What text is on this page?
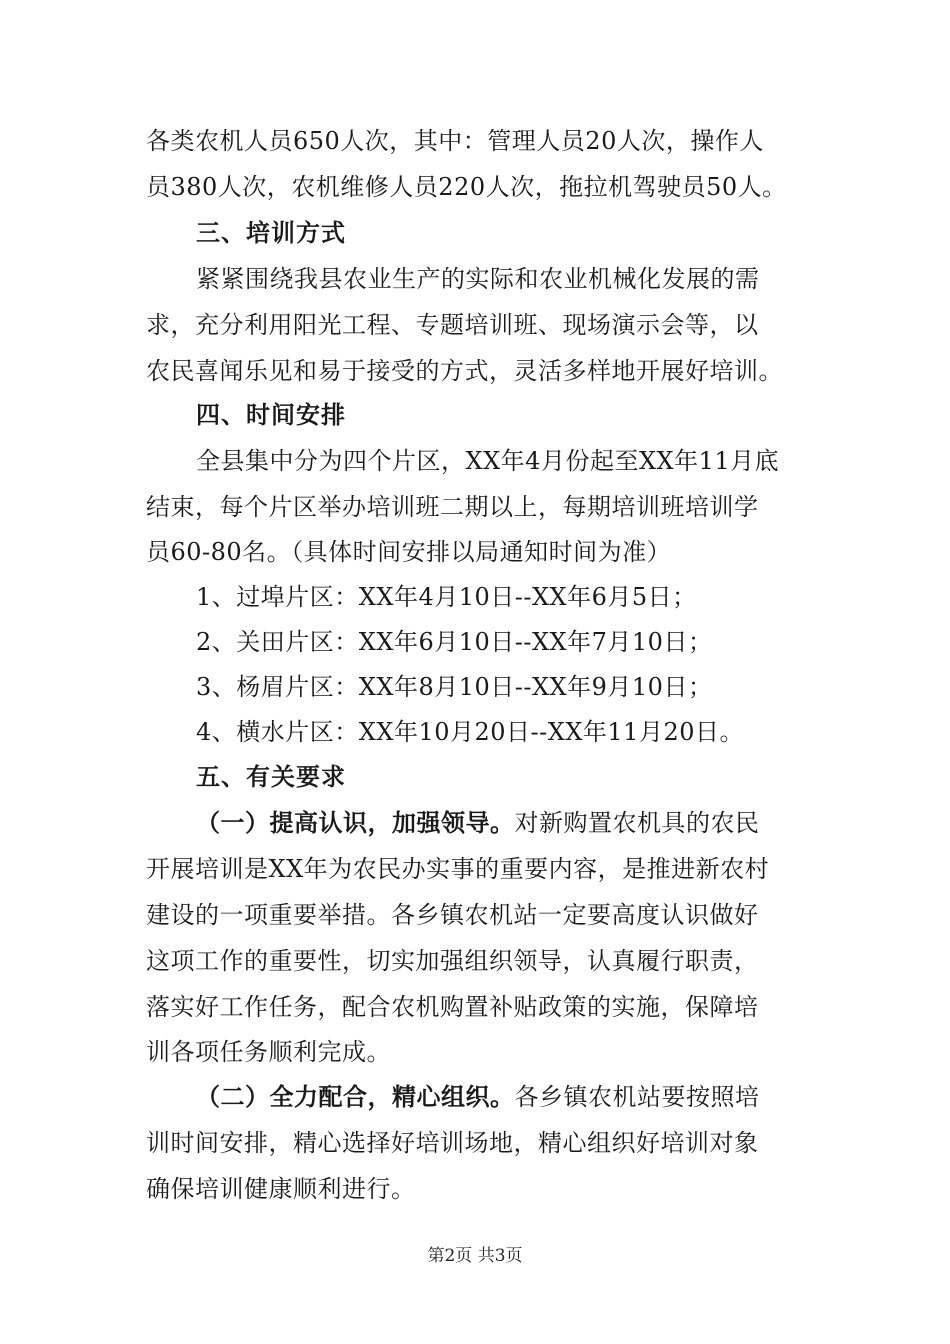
各类农机人员650人次，其中：管理人员20人次，操作人
员380人次，农机维修人员220人次，拖拉机驾驶员50人。
三、培训方式
紧紧围绕我县农业生产的实际和农业机械化发展的需
求，充分利用阳光工程、专题培训班、现场演示会等，以
农民喜闻乐见和易于接受的方式，灵活多样地开展好培训。
四、时间安排
全县集中分为四个片区，XX年4月份起至XX年11月底
结束，每个片区举办培训班二期以上，每期培训班培训学
员60-80名。（具体时间安排以局通知时间为准）
1、过埠片区：XX年4月10日--XX年6月5日；
2、关田片区：XX年6月10日--XX年7月10日；
3、杨眉片区：XX年8月10日--XX年9月10日；
4、横水片区：XX年10月20日--XX年11月20日。
五、有关要求
（一）提高认识，加强领导。对新购置农机具的农民
开展培训是XX年为农民办实事的重要内容，是推进新农村
建设的一项重要举措。各乡镇农机站一定要高度认识做好
这项工作的重要性，切实加强组织领导，认真履行职责，
落实好工作任务，配合农机购置补贴政策的实施，保障培
训各项任务顺利完成。
（二）全力配合，精心组织。各乡镇农机站要按照培
训时间安排，精心选择好培训场地，精心组织好培训对象
确保培训健康顺利进行。
第2页 共3页
